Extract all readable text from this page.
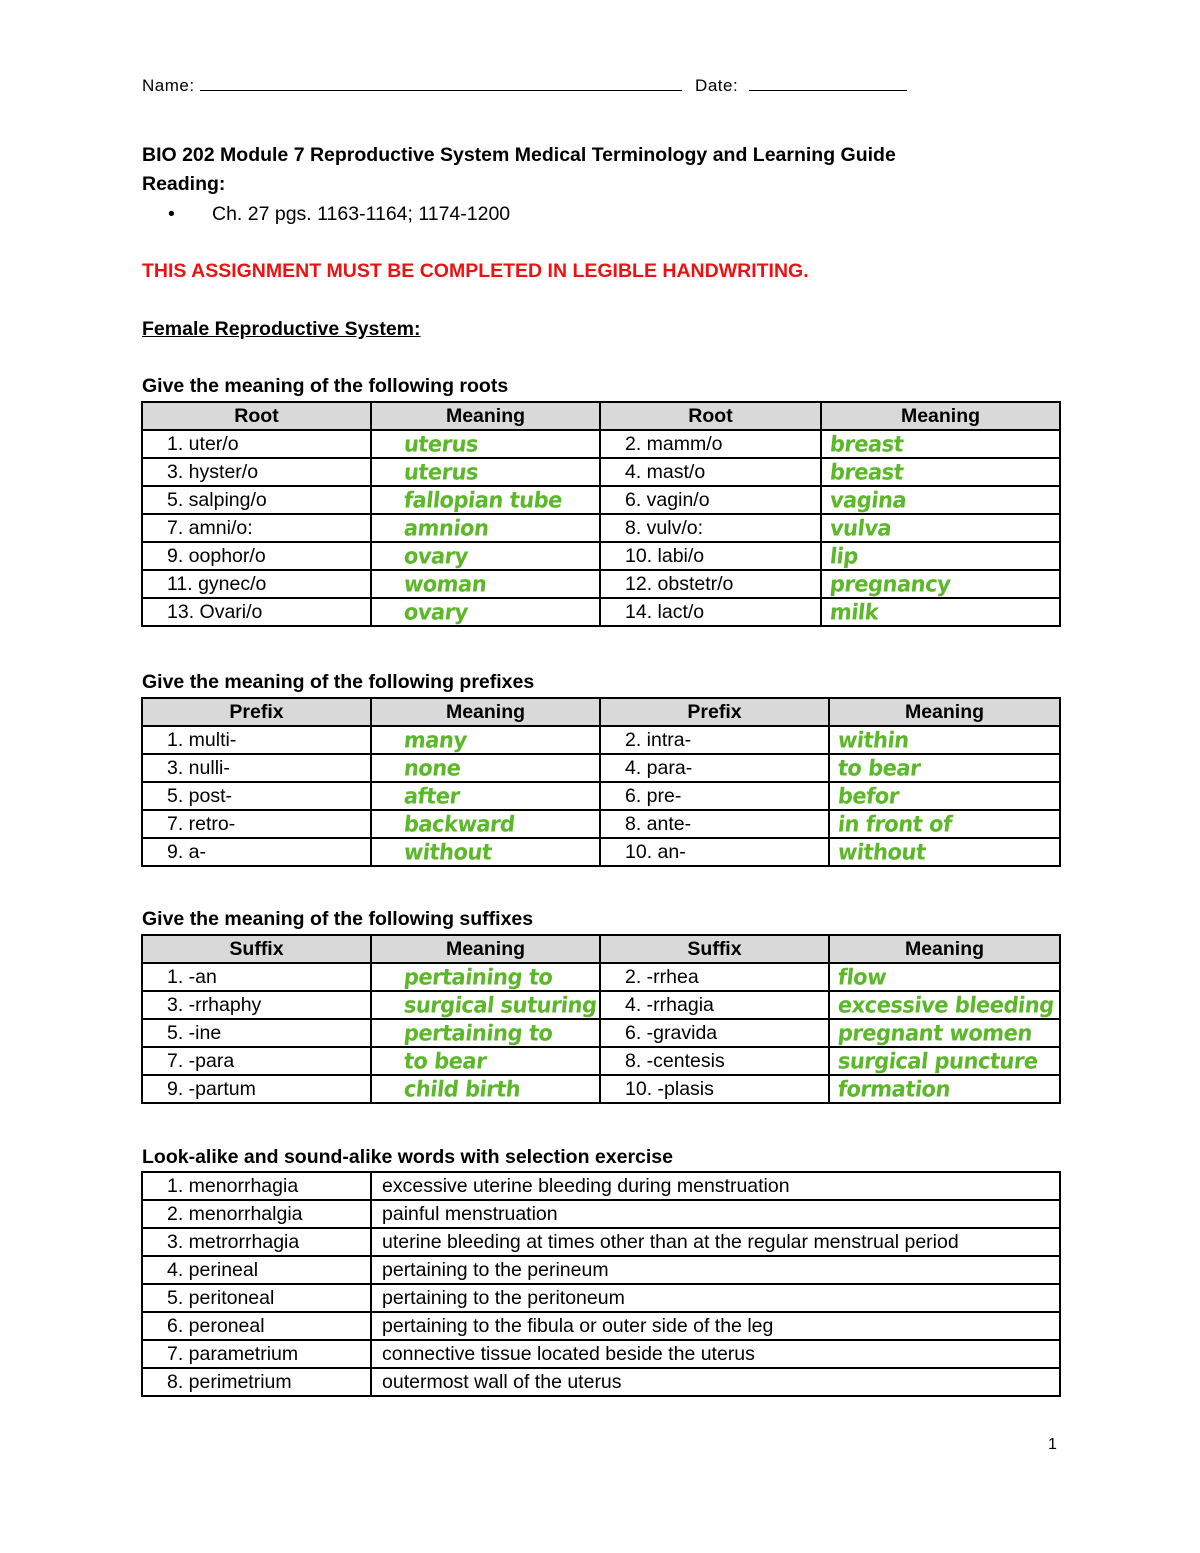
Name:	Date:
BIO 202 Module 7 Reproductive System Medical Terminology and Learning Guide
Reading:
• Ch. 27 pgs. 1163-1164; 1174-1200
THIS ASSIGNMENT MUST BE COMPLETED IN LEGIBLE HANDWRITING.
Female Reproductive System:
Give the meaning of the following roots
Root	Meaning	Root	Meaning
1. uter/o	uterus	2. mamm/o	breast
3. hyster/o	uterus	4. mast/o	breast
5. salping/o	fallopian tube	6. vagin/o	vagina
7. amni/o:	amnion	8. vulv/o:	vulva
9. oophor/o	ovary	10. labi/o	lip
11. gynec/o	woman	12. obstetr/o	pregnancy
13. Ovari/o	ovary	14. lact/o	milk
Give the meaning of the following prefixes
Prefix	Meaning	Prefix	Meaning
1. multi-	many	2. intra-	within
3. nulli-	none	4. para-	to bear
5. post-	after	6. pre-	befor
7. retro-	backward	8. ante-	in front of
9. a-	without	10. an-	without
Give the meaning of the following suffixes
Suffix	Meaning	Suffix	Meaning
1. -an	pertaining to	2. -rrhea	flow
3. -rrhaphy	surgical suturing	4. -rrhagia	excessive bleeding
5. -ine	pertaining to	6. -gravida	pregnant women
7. -para	to bear	8. -centesis	surgical puncture
9. -partum	child birth	10. -plasis	formation
Look-alike and sound-alike words with selection exercise
1. menorrhagia	excessive uterine bleeding during menstruation
2. menorrhalgia	painful menstruation
3. metrorrhagia	uterine bleeding at times other than at the regular menstrual period
4. perineal	pertaining to the perineum
5. peritoneal	pertaining to the peritoneum
6. peroneal	pertaining to the fibula or outer side of the leg
7. parametrium	connective tissue located beside the uterus
8. perimetrium	outermost wall of the uterus
1
